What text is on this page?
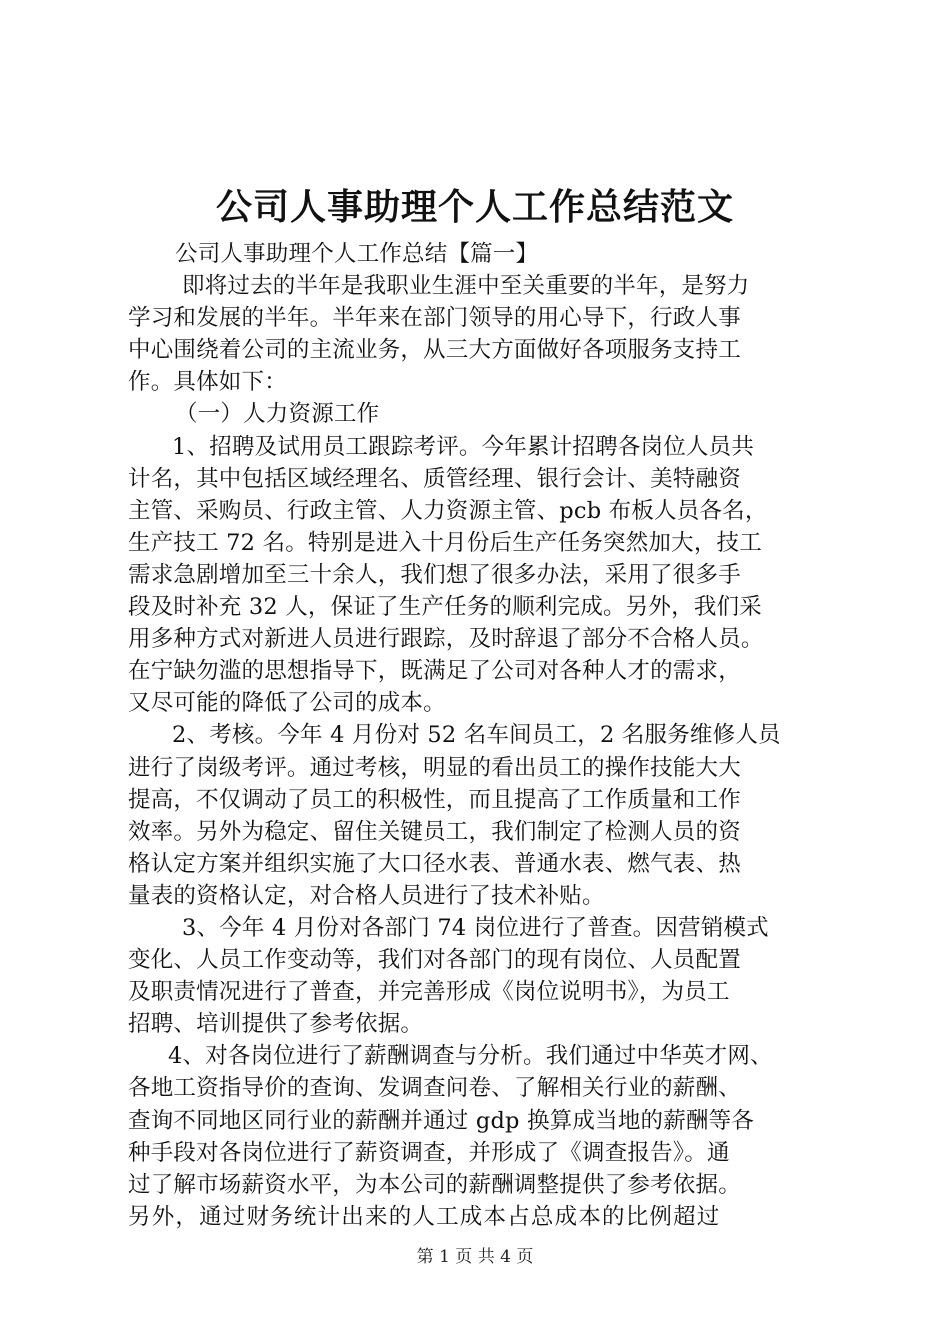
公司人事助理个人工作总结范文
公司人事助理个人工作总结【篇一】
即将过去的半年是我职业生涯中至关重要的半年，是努力
学习和发展的半年。半年来在部门领导的用心导下，行政人事
中心围绕着公司的主流业务，从三大方面做好各项服务支持工
作。具体如下：
（一）人力资源工作
1、招聘及试用员工跟踪考评。今年累计招聘各岗位人员共
计名，其中包括区域经理名、质管经理、银行会计、美特融资
主管、采购员、行政主管、人力资源主管、pcb 布板人员各名，
生产技工 72 名。特别是进入十月份后生产任务突然加大，技工
需求急剧增加至三十余人，我们想了很多办法，采用了很多手
段及时补充 32 人，保证了生产任务的顺利完成。另外，我们采
用多种方式对新进人员进行跟踪，及时辞退了部分不合格人员。
在宁缺勿滥的思想指导下，既满足了公司对各种人才的需求，
又尽可能的降低了公司的成本。
2、考核。今年 4 月份对 52 名车间员工，2 名服务维修人员
进行了岗级考评。通过考核，明显的看出员工的操作技能大大
提高，不仅调动了员工的积极性，而且提高了工作质量和工作
效率。另外为稳定、留住关键员工，我们制定了检测人员的资
格认定方案并组织实施了大口径水表、普通水表、燃气表、热
量表的资格认定，对合格人员进行了技术补贴。
3、今年 4 月份对各部门 74 岗位进行了普查。因营销模式
变化、人员工作变动等，我们对各部门的现有岗位、人员配置
及职责情况进行了普查，并完善形成《岗位说明书》，为员工
招聘、培训提供了参考依据。
4、对各岗位进行了薪酬调查与分析。我们通过中华英才网、
各地工资指导价的查询、发调查问卷、了解相关行业的薪酬、
查询不同地区同行业的薪酬并通过 gdp 换算成当地的薪酬等各
种手段对各岗位进行了薪资调查，并形成了《调查报告》。通
过了解市场薪资水平，为本公司的薪酬调整提供了参考依据。
另外，通过财务统计出来的人工成本占总成本的比例超过
第 1 页 共 4 页
